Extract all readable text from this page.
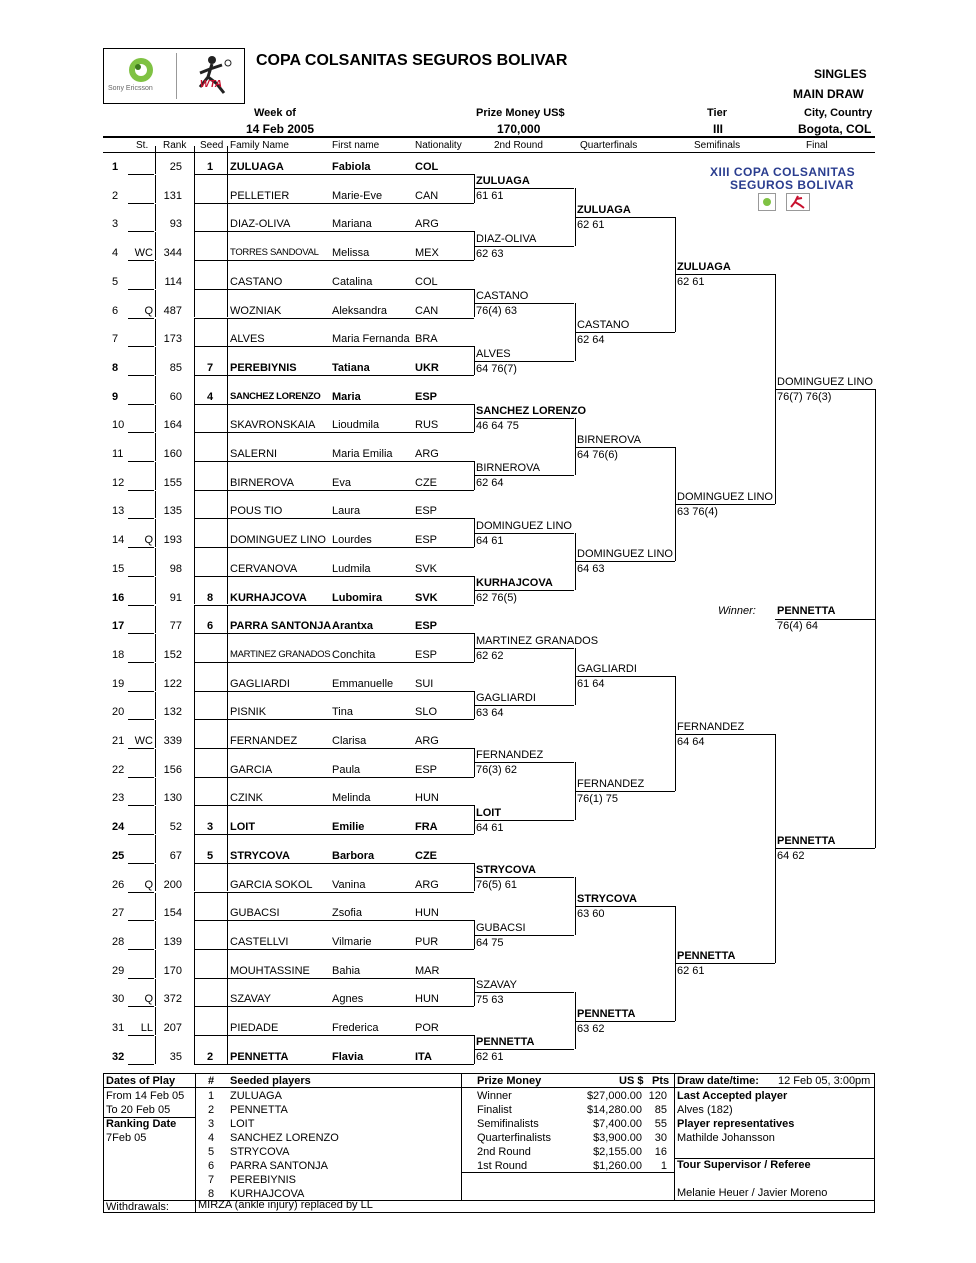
Sony Ericsson	WTA
COPA COLSANITAS SEGUROS BOLIVAR
SINGLES
MAIN DRAW
Week of
14 Feb 2005
Prize Money US$
170,000
Tier
III
City, Country
Bogota, COL
St. Rank Seed Family Name	First name	Nationality	2nd Round	Quarterfinals	Semifinals	Final
XIII COPA COLSANITAS
SEGUROS BOLIVAR
1	25	1	ZULUAGA	Fabiola	COL
2	131	PELLETIER	Marie-Eve	CAN
3	93	DIAZ-OLIVA	Mariana	ARG
4	WC 344	TORRES SANDOVAL Melissa	MEX
5	114	CASTANO	Catalina	COL
6	Q 487	WOZNIAK	Aleksandra	CAN
7	173	ALVES	Maria Fernanda BRA
8	85	7	PEREBIYNIS	Tatiana	UKR
9	60	4	SANCHEZ LORENZO Maria	ESP
10	164	SKAVRONSKAIA Lioudmila	RUS
11	160	SALERNI	Maria Emilia ARG
12	155	BIRNEROVA	Eva	CZE
13	135	POUS TIO	Laura	ESP
14	Q 193	DOMINGUEZ LINO Lourdes	ESP
15	98	CERVANOVA	Ludmila	SVK
16	91	8	KURHAJCOVA Lubomira	SVK
17	77	6	PARRA SANTONJA Arantxa	ESP
18	152	MARTINEZ GRANADOS Conchita	ESP
19	122	GAGLIARDI	Emmanuelle SUI
20	132	PISNIK	Tina	SLO
21 WC 339	FERNANDEZ	Clarisa	ARG
22	156	GARCIA	Paula	ESP
23	130	CZINK	Melinda	HUN
24	52	3	LOIT	Emilie	FRA
25	67	5	STRYCOVA	Barbora	CZE
26	Q 200	GARCIA SOKOL Vanina	ARG
27	154	GUBACSI	Zsofia	HUN
28	139	CASTELLVI	Vilmarie	PUR
29	170	MOUHTASSINE Bahia	MAR
30	Q 372	SZAVAY	Agnes	HUN
31	LL 207	PIEDADE	Frederica	POR
32	35	2	PENNETTA	Flavia	ITA
ZULUAGA
61 61
DIAZ-OLIVA
62 63
CASTANO
76(4) 63
ALVES
64 76(7)
SANCHEZ LORENZO
46 64 75
BIRNEROVA
62 64
DOMINGUEZ LINO
64 61
KURHAJCOVA
62 76(5)
MARTINEZ GRANADOS
62 62
GAGLIARDI
63 64
FERNANDEZ
76(3) 62
LOIT
64 61
STRYCOVA
76(5) 61
GUBACSI
64 75
SZAVAY
75 63
PENNETTA
62 61
ZULUAGA
62 61
CASTANO
62 64
BIRNEROVA
64 76(6)
DOMINGUEZ LINO
64 63
GAGLIARDI
61 64
FERNANDEZ
76(1) 75
STRYCOVA
63 60
PENNETTA
63 62
ZULUAGA
62 61
DOMINGUEZ LINO
63 76(4)
FERNANDEZ
64 64
PENNETTA
62 61
DOMINGUEZ LINO
76(7) 76(3)
PENNETTA
64 62
Winner: PENNETTA
76(4) 64
Dates of Play
From 14 Feb 05
To 20 Feb 05
Ranking Date
7Feb 05
Withdrawals:	MIRZA (ankle injury) replaced by LL
# Seeded players
1 ZULUAGA
2 PENNETTA
3 LOIT
4 SANCHEZ LORENZO
5 STRYCOVA
6 PARRA SANTONJA
7 PEREBIYNIS
8 KURHAJCOVA
Prize Money	US $ Pts
Winner	$27,000.00 120
Finalist	$14,280.00	85
Semifinalists	$7,400.00	55
Quarterfinalists	$3,900.00	30
2nd Round	$2,155.00	16
1st Round	$1,260.00	1
Draw date/time: 12 Feb 05, 3:00pm
Last Accepted player
Alves (182)
Player representatives
Mathilde Johansson
Tour Supervisor / Referee
Melanie Heuer / Javier Moreno
